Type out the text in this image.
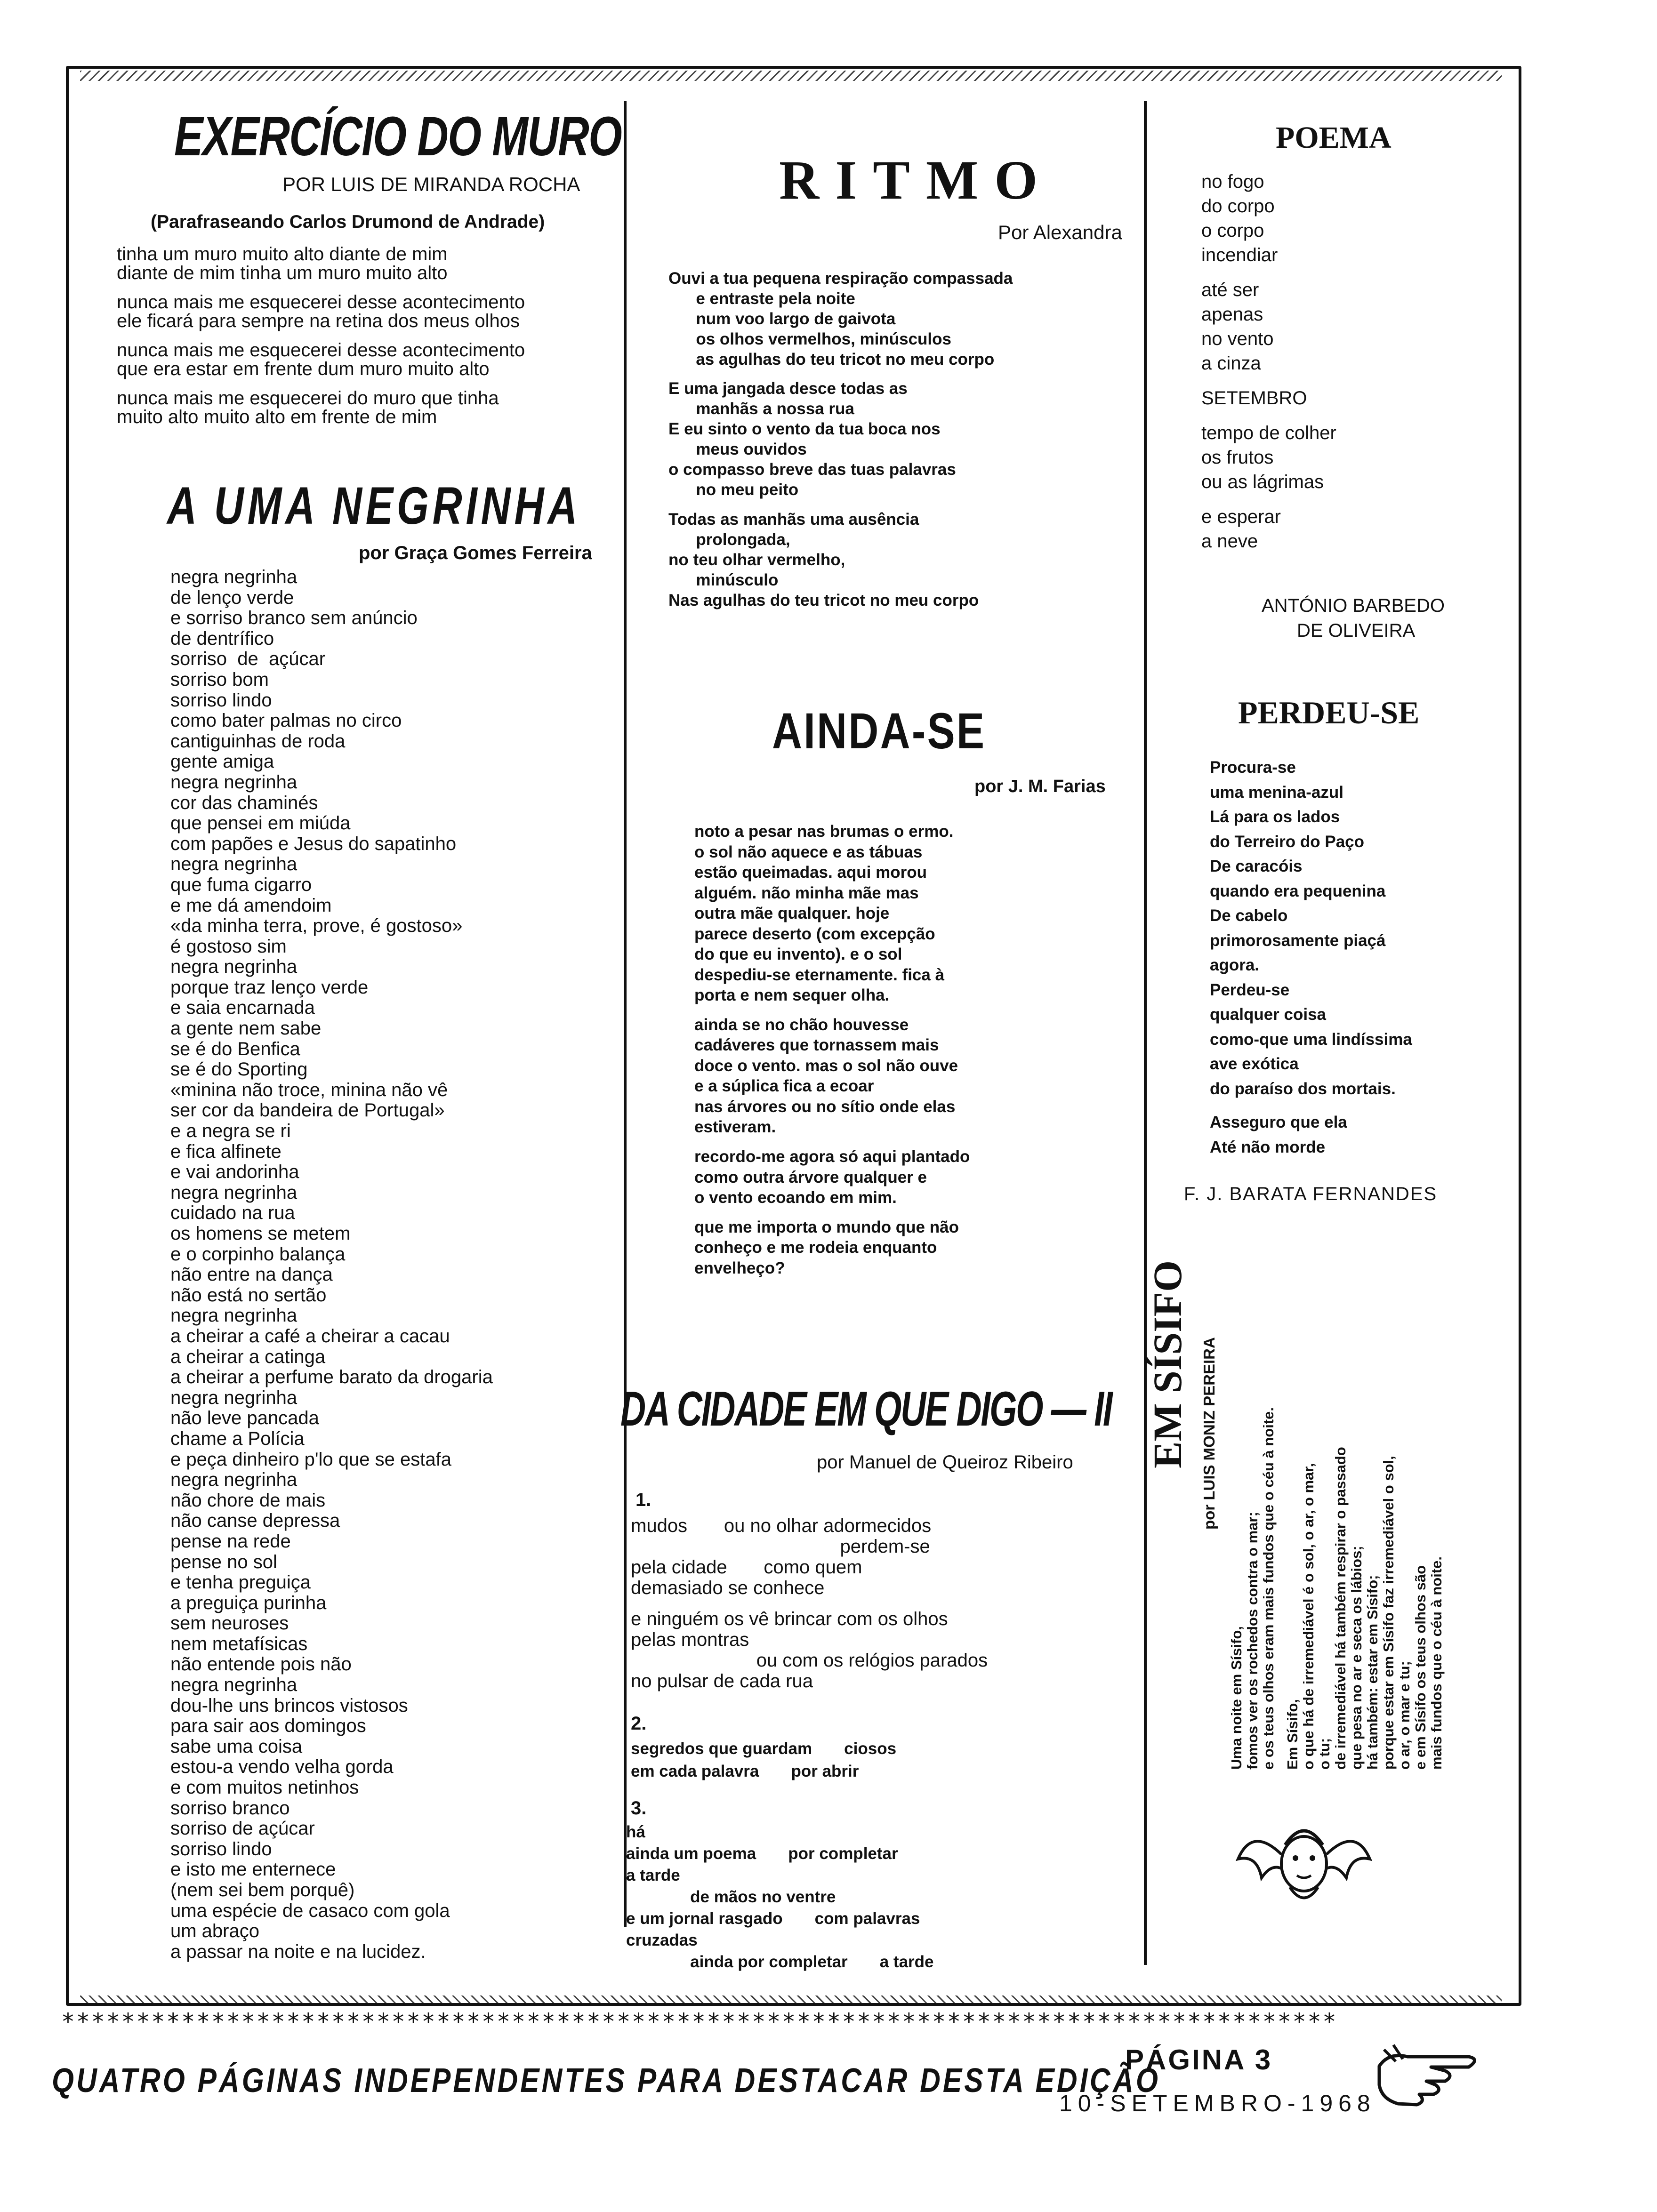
EXERCÍCIO DO MURO
POR LUIS DE MIRANDA ROCHA
(Parafraseando Carlos Drumond de Andrade)
tinha um muro muito alto diante de mim
diante de mim tinha um muro muito alto

nunca mais me esquecerei desse acontecimento
ele ficará para sempre na retina dos meus olhos

nunca mais me esquecerei desse acontecimento
que era estar em frente dum muro muito alto

nunca mais me esquecerei do muro que tinha
muito alto muito alto em frente de mim
A UMA NEGRINHA
por Graça Gomes Ferreira
negra negrinha
de lenço verde
e sorriso branco sem anúncio
de dentrífico
sorriso  de  açúcar
sorriso bom
sorriso lindo
como bater palmas no circo
cantiguinhas de roda
gente amiga
negra negrinha
cor das chaminés
que pensei em miúda
com papões e Jesus do sapatinho
negra negrinha
que fuma cigarro
e me dá amendoim
«da minha terra, prove, é gostoso»
é gostoso sim
negra negrinha
porque traz lenço verde
e saia encarnada
a gente nem sabe
se é do Benfica
se é do Sporting
«minina não troce, minina não vê
ser cor da bandeira de Portugal»
e a negra se ri
e fica alfinete
e vai andorinha
negra negrinha
cuidado na rua
os homens se metem
e o corpinho balança
não entre na dança
não está no sertão
negra negrinha
a cheirar a café a cheirar a cacau
a cheirar a catinga
a cheirar a perfume barato da drogaria
negra negrinha
não leve pancada
chame a Polícia
e peça dinheiro p'lo que se estafa
negra negrinha
não chore de mais
não canse depressa
pense na rede
pense no sol
e tenha preguiça
a preguiça purinha
sem neuroses
nem metafísicas
não entende pois não
negra negrinha
dou-lhe uns brincos vistosos
para sair aos domingos
sabe uma coisa
estou-a vendo velha gorda
e com muitos netinhos
sorriso branco
sorriso de açúcar
sorriso lindo
e isto me enternece
(nem sei bem porquê)
uma espécie de casaco com gola
um abraço
a passar na noite e na lucidez.
RITMO
Por Alexandra
Ouvi a tua pequena respiração compassada
e entraste pela noite
num voo largo de gaivota
os olhos vermelhos, minúsculos
as agulhas do teu tricot no meu corpo

E uma jangada desce todas as
manhãs a nossa rua
E eu sinto o vento da tua boca nos
meus ouvidos
o compasso breve das tuas palavras
no meu peito

Todas as manhãs uma ausência
prolongada,
no teu olhar vermelho,
minúsculo
Nas agulhas do teu tricot no meu corpo
AINDA-SE
por J. M. Farias
noto a pesar nas brumas o ermo.
o sol não aquece e as tábuas
estão queimadas. aqui morou
alguém. não minha mãe mas
outra mãe qualquer. hoje
parece deserto (com excepção
do que eu invento). e o sol
despediu-se eternamente. fica à
porta e nem sequer olha.

ainda se no chão houvesse
cadáveres que tornassem mais
doce o vento. mas o sol não ouve
e a súplica fica a ecoar
nas árvores ou no sítio onde elas
estiveram.

recordo-me agora só aqui plantado
como outra árvore qualquer e
o vento ecoando em mim.

que me importa o mundo que não
conheço e me rodeia enquanto
envelheço?
DA CIDADE EM QUE DIGO — II
por Manuel de Queiroz Ribeiro
1.
mudos       ou no olhar adormecidos
perdem-se
pela cidade       como quem
demasiado se conhece

e ninguém os vê brincar com os olhos
pelas montras
ou com os relógios parados
no pulsar de cada rua
2.
segredos que guardam       ciosos
em cada palavra       por abrir
3.
há
ainda um poema       por completar
a tarde
de mãos no ventre
e um jornal rasgado       com palavras
cruzadas
ainda por completar       a tarde
POEMA
no fogo
do corpo
o corpo
incendiar

até ser
apenas
no vento
a cinza

SETEMBRO

tempo de colher
os frutos
ou as lágrimas

e esperar
a neve
ANTÓNIO BARBEDO
DE OLIVEIRA
PERDEU-SE
Procura-se
uma menina-azul
Lá para os lados
do Terreiro do Paço
De caracóis
quando era pequenina
De cabelo
primorosamente piaçá
agora.
Perdeu-se
qualquer coisa
como-que uma lindíssima
ave exótica
do paraíso dos mortais.

Asseguro que ela
Até não morde
F. J. BARATA FERNANDES
EM SÍSIFO por LUIS MONIZ PEREIRA
Uma noite em Sísifo, fomos ver os rochedos contra o mar; e os teus olhos eram mais fundos que o céu à noite.
Em Sísifo, o que há de irremediável é o sol, o ar, o mar, o tu; de irremediável há também respirar o passado que pesa no ar e seca os lábios; há também: estar em Sísifo; porque estar em Sísifo faz irremediável o sol, o ar, o mar e tu; e em Sísifo os teus olhos são mais fundos que o céu à noite.
*************************************************************************************
QUATRO PÁGINAS INDEPENDENTES PARA DESTACAR DESTA EDIÇÃO
PÁGINA 3
10-SETEMBRO-1968
